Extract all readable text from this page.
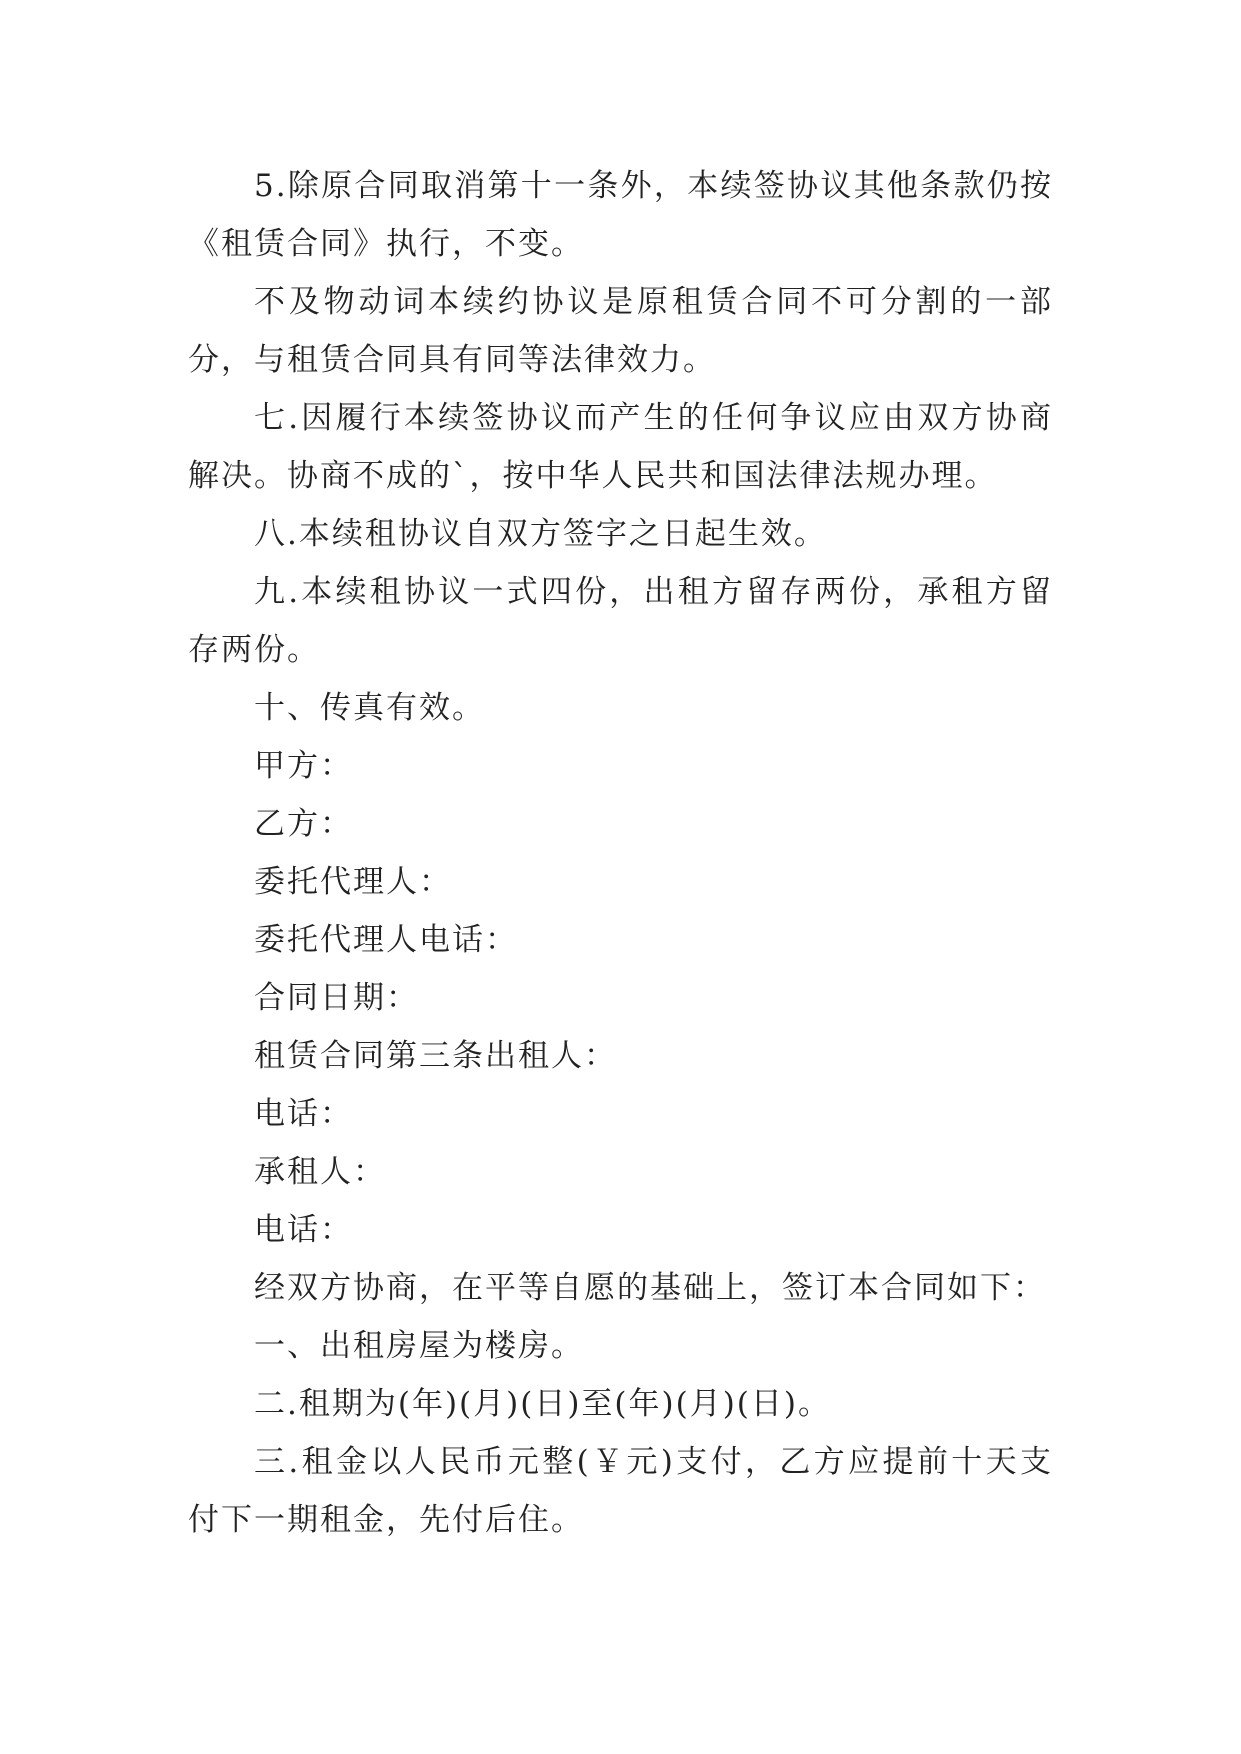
5.除原合同取消第十一条外，本续签协议其他条款仍按
《租赁合同》执行，不变。
不及物动词本续约协议是原租赁合同不可分割的一部
分，与租赁合同具有同等法律效力。
七.因履行本续签协议而产生的任何争议应由双方协商
解决。协商不成的`，按中华人民共和国法律法规办理。
八.本续租协议自双方签字之日起生效。
九.本续租协议一式四份，出租方留存两份，承租方留
存两份。
十、传真有效。
甲方：
乙方：
委托代理人：
委托代理人电话：
合同日期：
租赁合同第三条出租人：
电话：
承租人：
电话：
经双方协商，在平等自愿的基础上，签订本合同如下：
一、出租房屋为楼房。
二.租期为(年)(月)(日)至(年)(月)(日)。
三.租金以人民币元整(￥元)支付，乙方应提前十天支
付下一期租金，先付后住。
